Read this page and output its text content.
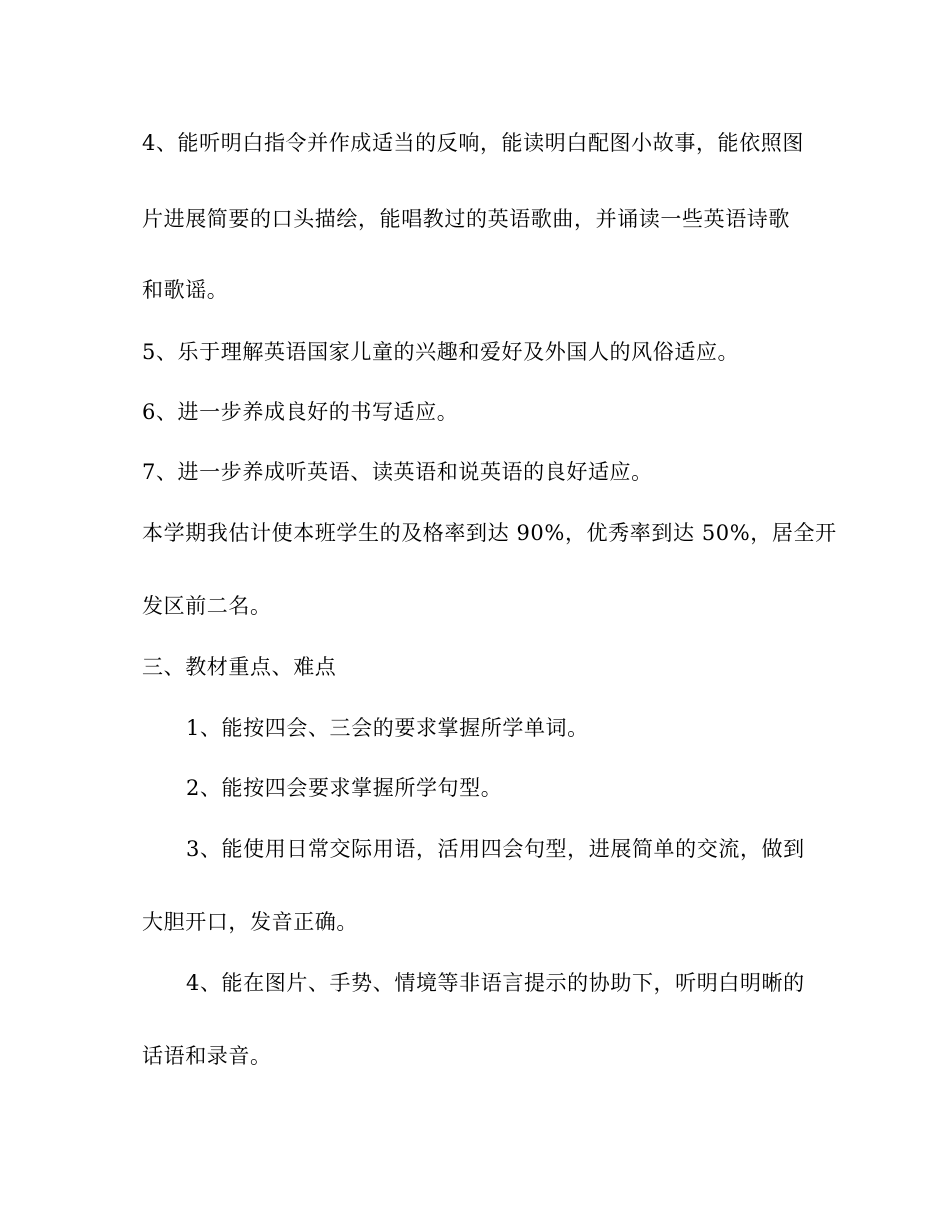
4、能听明白指令并作成适当的反响，能读明白配图小故事，能依照图
片进展简要的口头描绘，能唱教过的英语歌曲，并诵读一些英语诗歌
和歌谣。
5、乐于理解英语国家儿童的兴趣和爱好及外国人的风俗适应。
6、进一步养成良好的书写适应。
7、进一步养成听英语、读英语和说英语的良好适应。
本学期我估计使本班学生的及格率到达 90%，优秀率到达 50%，居全开
发区前二名。
三、教材重点、难点
1、能按四会、三会的要求掌握所学单词。
2、能按四会要求掌握所学句型。
3、能使用日常交际用语，活用四会句型，进展简单的交流，做到
大胆开口，发音正确。
4、能在图片、手势、情境等非语言提示的协助下，听明白明晰的
话语和录音。
